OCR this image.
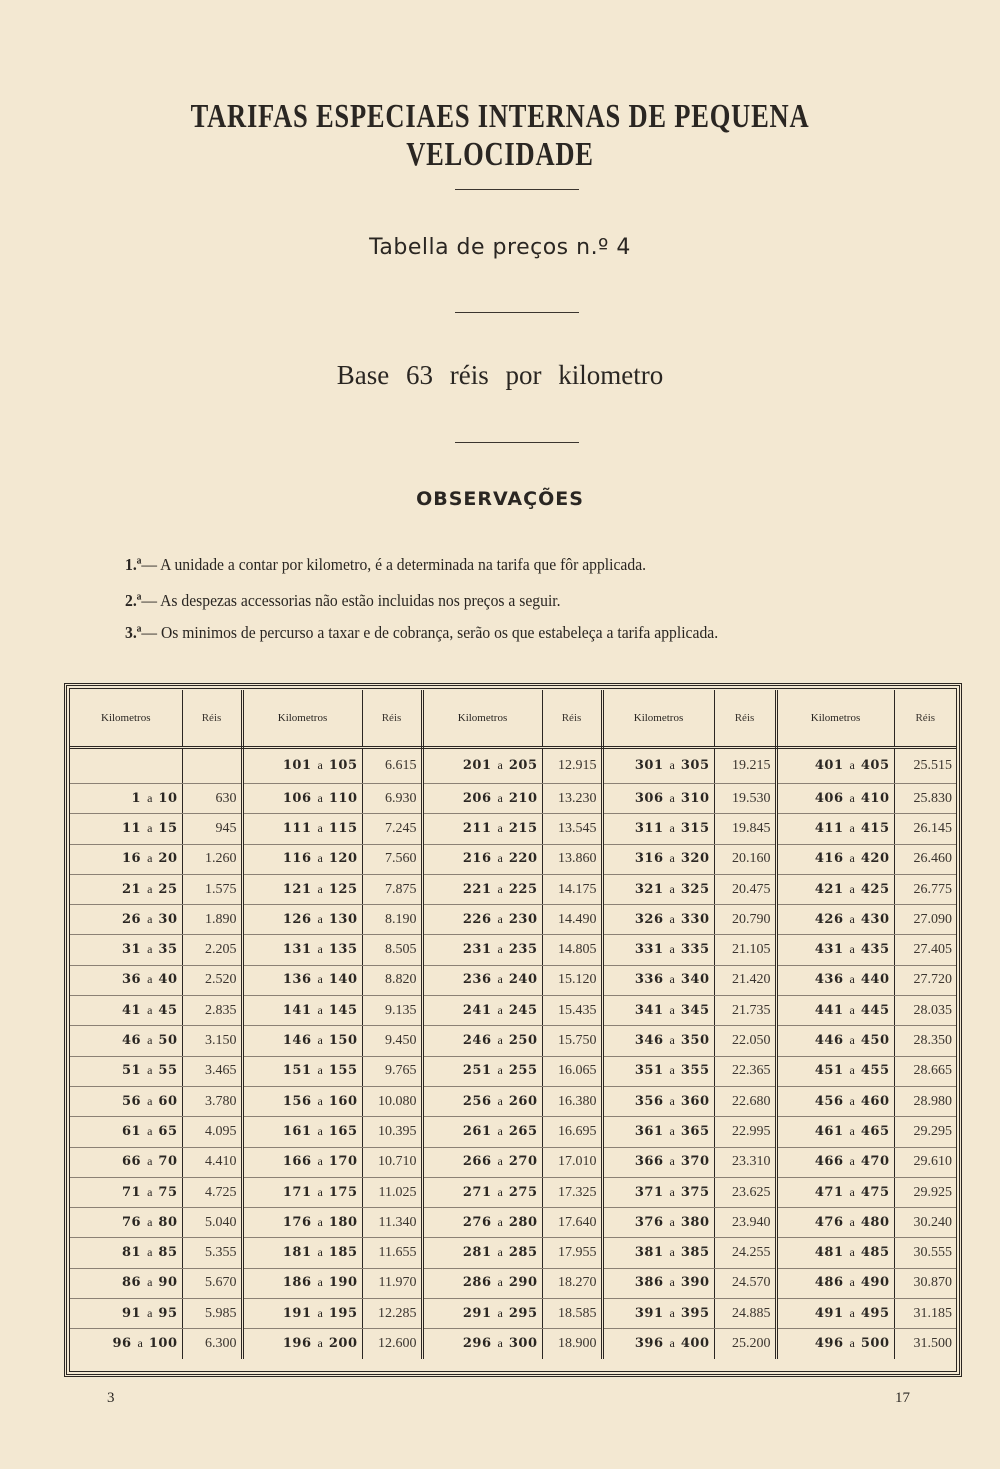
TARIFAS ESPECIAES INTERNAS DE PEQUENA VELOCIDADE
Tabella de preços n.º 4
Base 63 réis por kilometro
OBSERVAÇÕES
1.ª— A unidade a contar por kilometro, é a determinada na tarifa que fôr applicada.
2.ª— As despezas accessorias não estão incluidas nos preços a seguir.
3.ª— Os minimos de percurso a taxar e de cobrança, serão os que estabeleça a tarifa applicada.
Kilometros	Réis	Kilometros	Réis	Kilometros	Réis	Kilometros	Réis	Kilometros	Réis
		101 a 105	6.615	201 a 205	12.915	301 a 305	19.215	401 a 405	25.515
1 a 10	630	106 a 110	6.930	206 a 210	13.230	306 a 310	19.530	406 a 410	25.830
11 a 15	945	111 a 115	7.245	211 a 215	13.545	311 a 315	19.845	411 a 415	26.145
16 a 20	1.260	116 a 120	7.560	216 a 220	13.860	316 a 320	20.160	416 a 420	26.460
21 a 25	1.575	121 a 125	7.875	221 a 225	14.175	321 a 325	20.475	421 a 425	26.775
26 a 30	1.890	126 a 130	8.190	226 a 230	14.490	326 a 330	20.790	426 a 430	27.090
31 a 35	2.205	131 a 135	8.505	231 a 235	14.805	331 a 335	21.105	431 a 435	27.405
36 a 40	2.520	136 a 140	8.820	236 a 240	15.120	336 a 340	21.420	436 a 440	27.720
41 a 45	2.835	141 a 145	9.135	241 a 245	15.435	341 a 345	21.735	441 a 445	28.035
46 a 50	3.150	146 a 150	9.450	246 a 250	15.750	346 a 350	22.050	446 a 450	28.350
51 a 55	3.465	151 a 155	9.765	251 a 255	16.065	351 a 355	22.365	451 a 455	28.665
56 a 60	3.780	156 a 160	10.080	256 a 260	16.380	356 a 360	22.680	456 a 460	28.980
61 a 65	4.095	161 a 165	10.395	261 a 265	16.695	361 a 365	22.995	461 a 465	29.295
66 a 70	4.410	166 a 170	10.710	266 a 270	17.010	366 a 370	23.310	466 a 470	29.610
71 a 75	4.725	171 a 175	11.025	271 a 275	17.325	371 a 375	23.625	471 a 475	29.925
76 a 80	5.040	176 a 180	11.340	276 a 280	17.640	376 a 380	23.940	476 a 480	30.240
81 a 85	5.355	181 a 185	11.655	281 a 285	17.955	381 a 385	24.255	481 a 485	30.555
86 a 90	5.670	186 a 190	11.970	286 a 290	18.270	386 a 390	24.570	486 a 490	30.870
91 a 95	5.985	191 a 195	12.285	291 a 295	18.585	391 a 395	24.885	491 a 495	31.185
96 a 100	6.300	196 a 200	12.600	296 a 300	18.900	396 a 400	25.200	496 a 500	31.500
3	17
